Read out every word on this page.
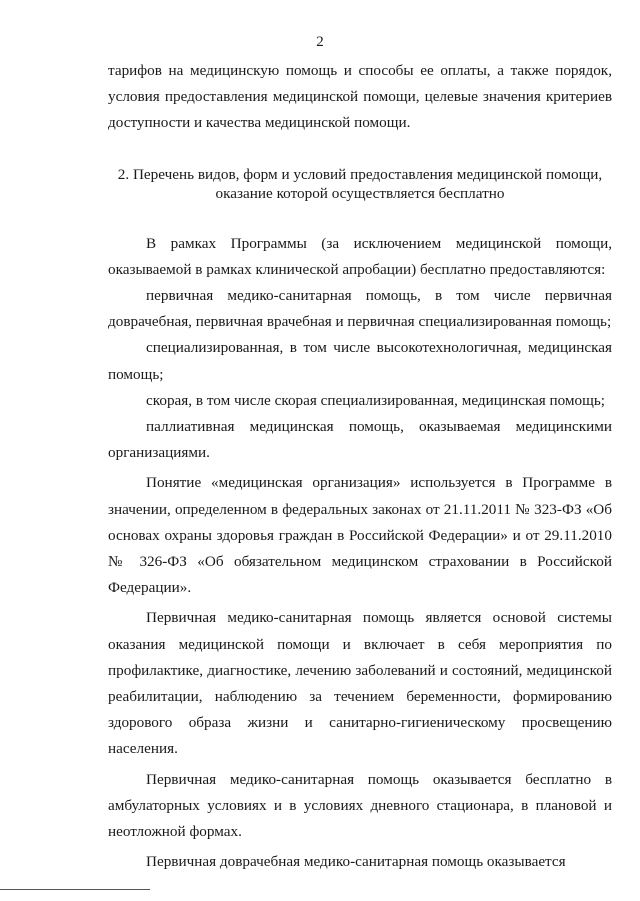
2

тарифов на медицинскую помощь и способы ее оплаты, а также порядок, условия предоставления медицинской помощи, целевые значения критериев доступности и качества медицинской помощи.

2. Перечень видов, форм и условий предоставления медицинской помощи,
оказание которой осуществляется бесплатно

В рамках Программы (за исключением медицинской помощи, оказываемой в рамках клинической апробации) бесплатно предоставляются:

первичная медико-санитарная помощь, в том числе первичная доврачебная, первичная врачебная и первичная специализированная помощь;

специализированная, в том числе высокотехнологичная, медицинская помощь;

скорая, в том числе скорая специализированная, медицинская помощь;

паллиативная медицинская помощь, оказываемая медицинскими организациями.

Понятие «медицинская организация» используется в Программе в значении, определенном в федеральных законах от 21.11.2011 № 323-ФЗ «Об основах охраны здоровья граждан в Российской Федерации» и от 29.11.2010 № 326-ФЗ «Об обязательном медицинском страховании в Российской Федерации».

Первичная медико-санитарная помощь является основой системы оказания медицинской помощи и включает в себя мероприятия по профилактике, диагностике, лечению заболеваний и состояний, медицинской реабилитации, наблюдению за течением беременности, формированию здорового образа жизни и санитарно-гигиеническому просвещению населения.

Первичная медико-санитарная помощь оказывается бесплатно в амбулаторных условиях и в условиях дневного стационара, в плановой и неотложной формах.

Первичная доврачебная медико-санитарная помощь оказывается
